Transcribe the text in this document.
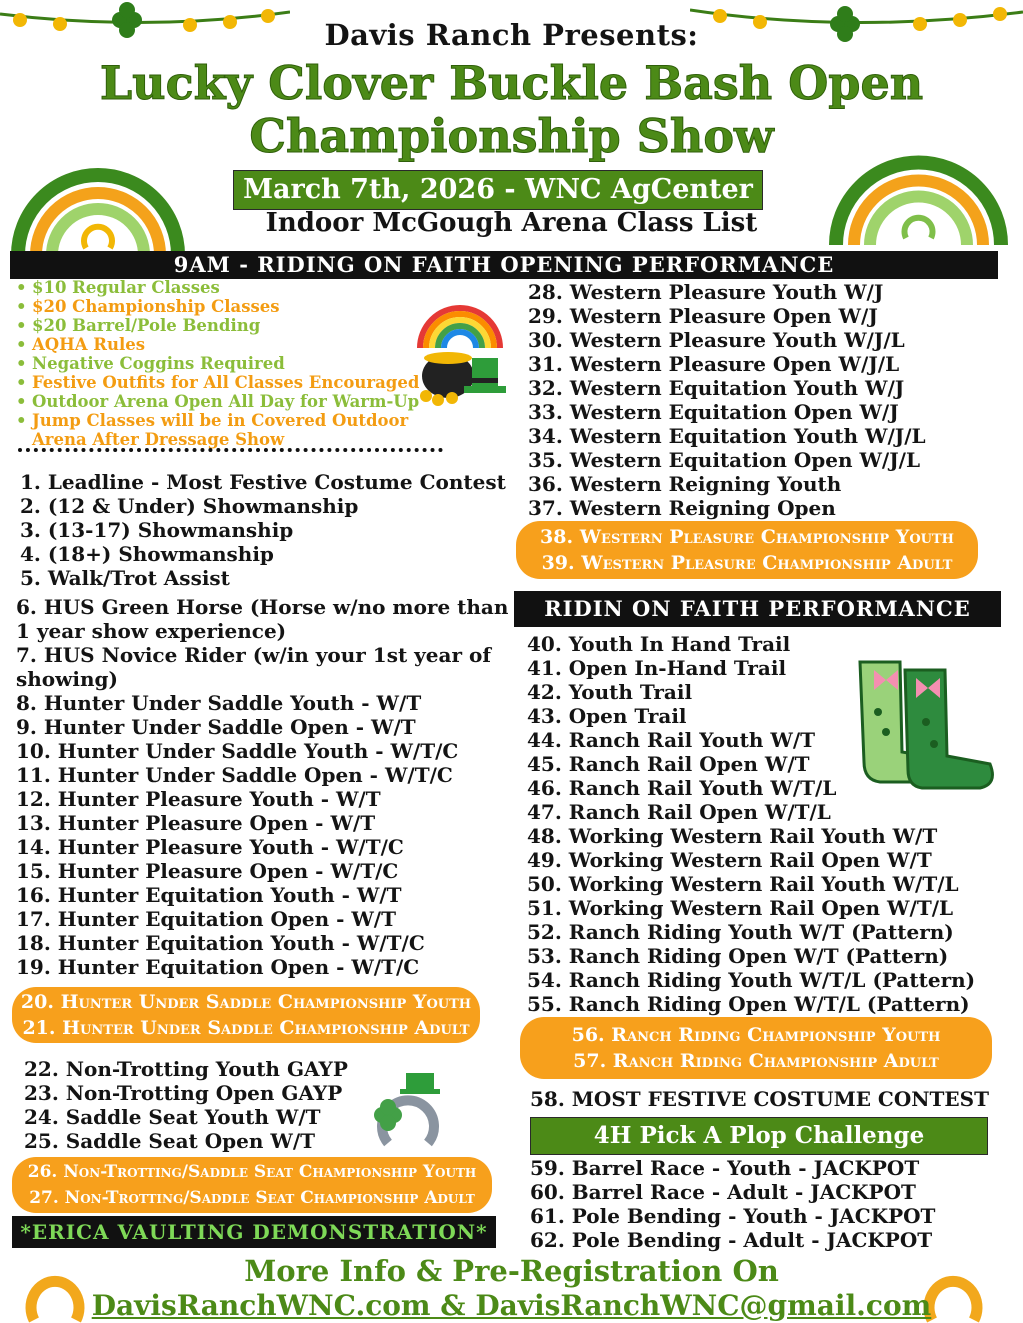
Davis Ranch Presents:
Lucky Clover Buckle Bash Open
Championship Show
March 7th, 2026 - WNC AgCenter
Indoor McGough Arena Class List
9AM - RIDING ON FAITH OPENING PERFORMANCE
• $10 Regular Classes
• $20 Championship Classes
• $20 Barrel/Pole Bending
• AQHA Rules
• Negative Coggins Required
• Festive Outfits for All Classes Encouraged
• Outdoor Arena Open All Day for Warm-Up
• Jump Classes will be in Covered Outdoor Arena After Dressage Show
1. Leadline - Most Festive Costume Contest
2. (12 & Under) Showmanship
3. (13-17) Showmanship
4. (18+) Showmanship
5. Walk/Trot Assist
6. HUS Green Horse (Horse w/no more than 1 year show experience)
7. HUS Novice Rider (w/in your 1st year of showing)
8. Hunter Under Saddle Youth - W/T
9. Hunter Under Saddle Open - W/T
10. Hunter Under Saddle Youth - W/T/C
11. Hunter Under Saddle Open - W/T/C
12. Hunter Pleasure Youth - W/T
13. Hunter Pleasure Open - W/T
14. Hunter Pleasure Youth - W/T/C
15. Hunter Pleasure Open - W/T/C
16. Hunter Equitation Youth - W/T
17. Hunter Equitation Open - W/T
18. Hunter Equitation Youth - W/T/C
19. Hunter Equitation Open - W/T/C
20. Hunter Under Saddle Championship Youth
21. Hunter Under Saddle Championship Adult
22. Non-Trotting Youth GAYP
23. Non-Trotting Open GAYP
24. Saddle Seat Youth W/T
25. Saddle Seat Open W/T
26. Non-Trotting/Saddle Seat Championship Youth
27. Non-Trotting/Saddle Seat Championship Adult
*ERICA VAULTING DEMONSTRATION*
28. Western Pleasure Youth W/J
29. Western Pleasure Open W/J
30. Western Pleasure Youth W/J/L
31. Western Pleasure Open W/J/L
32. Western Equitation Youth W/J
33. Western Equitation Open W/J
34. Western Equitation Youth W/J/L
35. Western Equitation Open W/J/L
36. Western Reigning Youth
37. Western Reigning Open
38. Western Pleasure Championship Youth
39. Western Pleasure Championship Adult
RIDIN ON FAITH PERFORMANCE
40. Youth In Hand Trail
41. Open In-Hand Trail
42. Youth Trail
43. Open Trail
44. Ranch Rail Youth W/T
45. Ranch Rail Open W/T
46. Ranch Rail Youth W/T/L
47. Ranch Rail Open W/T/L
48. Working Western Rail Youth W/T
49. Working Western Rail Open W/T
50. Working Western Rail Youth W/T/L
51. Working Western Rail Open W/T/L
52. Ranch Riding Youth W/T (Pattern)
53. Ranch Riding Open W/T (Pattern)
54. Ranch Riding Youth W/T/L (Pattern)
55. Ranch Riding Open W/T/L (Pattern)
56. Ranch Riding Championship Youth
57. Ranch Riding Championship Adult
58. MOST FESTIVE COSTUME CONTEST
4H Pick A Plop Challenge
59. Barrel Race - Youth - JACKPOT
60. Barrel Race - Adult - JACKPOT
61. Pole Bending - Youth - JACKPOT
62. Pole Bending - Adult - JACKPOT
More Info & Pre-Registration On
DavisRanchWNC.com & DavisRanchWNC@gmail.com
